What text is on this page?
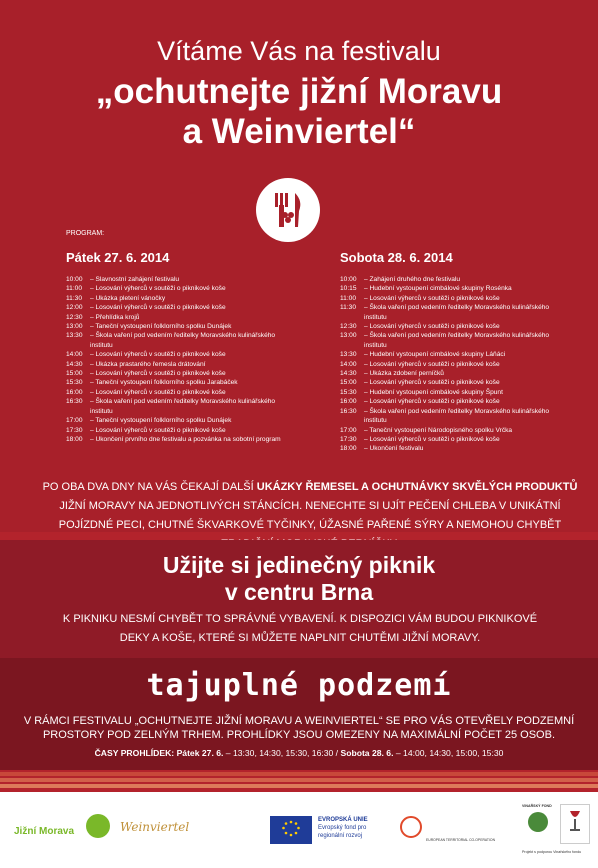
Vítáme Vás na festivalu
„ochutnejte jižní Moravu
a Weinviertel“
PROGRAM:
Pátek 27. 6. 2014
10:00	– Slavnostní zahájení festivalu
11:00	– Losování výherců v soutěži o piknikové koše
11:30	– Ukázka pletení vánočky
12:00	– Losování výherců v soutěži o piknikové koše
12:30	– Přehlídka krojů
13:00	– Taneční vystoupení folklorního spolku Dunájek
13:30	– Škola vaření pod vedením ředitelky Moravského kulinářského institutu
14:00	– Losování výherců v soutěži o piknikové koše
14:30	– Ukázka prastarého řemesla drátování
15:00	– Losování výherců v soutěži o piknikové koše
15:30	– Taneční vystoupení folklorního spolku Jarabáček
16:00	– Losování výherců v soutěži o piknikové koše
16:30	– Škola vaření pod vedením ředitelky Moravského kulinářského institutu
17:00	– Taneční vystoupení folklorního spolku Dunájek
17:30	– Losování výherců v soutěži o piknikové koše
18:00	– Ukončení prvního dne festivalu a pozvánka na sobotní program
Sobota 28. 6. 2014
10:00	– Zahájení druhého dne festivalu
10:15	– Hudební vystoupení cimbálové skupiny Rosénka
11:00	– Losování výherců v soutěži o piknikové koše
11:30	– Škola vaření pod vedením ředitelky Moravského kulinářského institutu
12:30	– Losování výherců v soutěži o piknikové koše
13:00	– Škola vaření pod vedením ředitelky Moravského kulinářského institutu
13:30	– Hudební vystoupení cimbálové skupiny Láňáci
14:00	– Losování výherců v soutěži o piknikové koše
14:30	– Ukázka zdobení perníčků
15:00	– Losování výherců v soutěži o piknikové koše
15:30	– Hudební vystoupení cimbálové skupiny Špunt
16:00	– Losování výherců v soutěži o piknikové koše
16:30	– Škola vaření pod vedením ředitelky Moravského kulinářského institutu
17:00	– Taneční vystoupení Národopisného spolku Vrčka
17:30	– Losování výherců v soutěži o piknikové koše
18:00	– Ukončení festivalu
PO OBA DVA DNY NA VÁS ČEKAJÍ DALŠÍ UKÁZKY ŘEMESEL A OCHUTNÁVKY SKVĚLÝCH PRODUKTŮ JIŽNÍ MORAVY NA JEDNOTLIVÝCH STÁNCÍCH. NENECHTE SI UJÍT PEČENÍ CHLEBA V UNIKÁTNÍ POJÍZDNÉ PECI, CHUTNÉ ŠKVARKOVÉ TYČINKY, ÚŽASNÉ PAŘENÉ SÝRY A NEMOHOU CHYBĚT
Užijte si jedinečný piknik
v centru Brna
K PIKNIKU NESMÍ CHYBĚT TO SPRÁVNÉ VYBAVENÍ. K DISPOZICI VÁM BUDOU PIKNIKOVÉ DEKY A KOŠE, KTERÉ SI MŮŽETE NAPLNIT CHUTĚMI JIŽNÍ MORAVY.
tajuplné podzemí
V RÁMCI FESTIVALU „OCHUTNEJTE JIŽNÍ MORAVU A WEINVIERTEL“ SE PRO VÁS OTEVŘELY PODZEMNÍ PROSTORY POD ZELNÝM TRHEM. PROHLÍDKY JSOU OMEZENY NA MAXIMÁLNÍ POČET 25 OSOB.
ČASY PROHLÍDEK: Pátek 27. 6. – 13:30, 14:30, 15:30, 16:30 / Sobota 28. 6. – 14:00, 14:30, 15:00, 15:30
Jižní Morava	Weinviertel	EVROPSKÁ UNIE
Evropský fond pro
regionální rozvoj
EUROPEAN TERRITORIAL CO-OPERATION
VINAŘSKÝ FOND
Projekt s podporou Vinařského fondu
